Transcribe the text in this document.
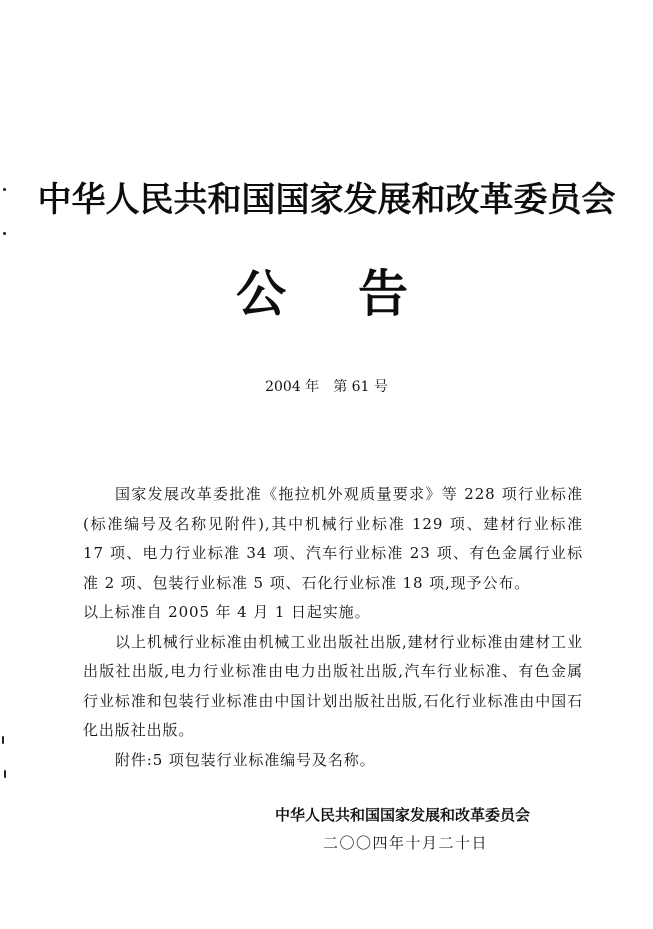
中华人民共和国国家发展和改革委员会
公 告
2004 年 第 61 号

国家发展改革委批准《拖拉机外观质量要求》等 228 项行业标准(标准编号及名称见附件),其中机械行业标准 129 项、建材行业标准 17 项、电力行业标准 34 项、汽车行业标准 23 项、有色金属行业标准 2 项、包装行业标准 5 项、石化行业标准 18 项,现予公布。

以上标准自 2005 年 4 月 1 日起实施。

以上机械行业标准由机械工业出版社出版,建材行业标准由建材工业出版社出版,电力行业标准由电力出版社出版,汽车行业标准、有色金属行业标准和包装行业标准由中国计划出版社出版,石化行业标准由中国石化出版社出版。

附件:5 项包装行业标准编号及名称。

中华人民共和国国家发展和改革委员会
二〇〇四年十月二十日
